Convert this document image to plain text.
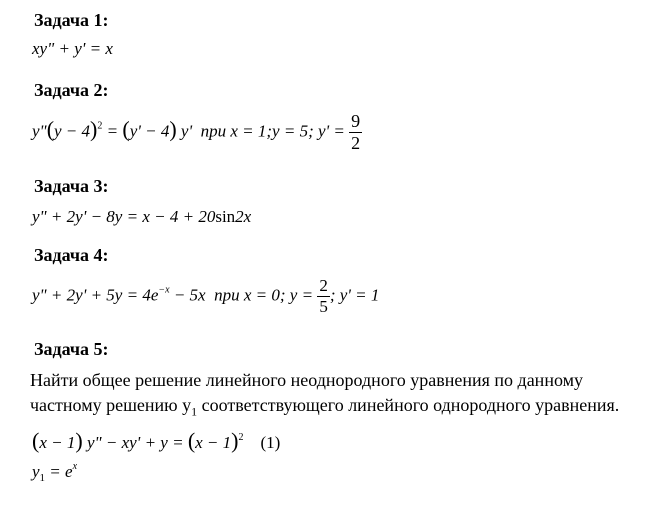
Задача 1:
xy" + y' = x
Задача 2:
y"(y − 4)$^2$ = (y' − 4) y'  при x = 1;y = 5; $y' = \frac{9}{2}$
Задача 3:
y" + 2y' − 8y = x − 4 + 20sin2x
Задача 4:
y" + $2y' + 5y = 4e^{-x} - 5x$  при x = 0; $y = \frac{2}{5}$ ; y' = 1
Задача 5:
Найти общее решение линейного неоднородного уравнения по данному
частному решению $y_1$ соответствующего линейного однородного уравнения.
(x − 1) y" − $xy' + y = (x - 1)^2$ (1)
$y_1 = e^x$
